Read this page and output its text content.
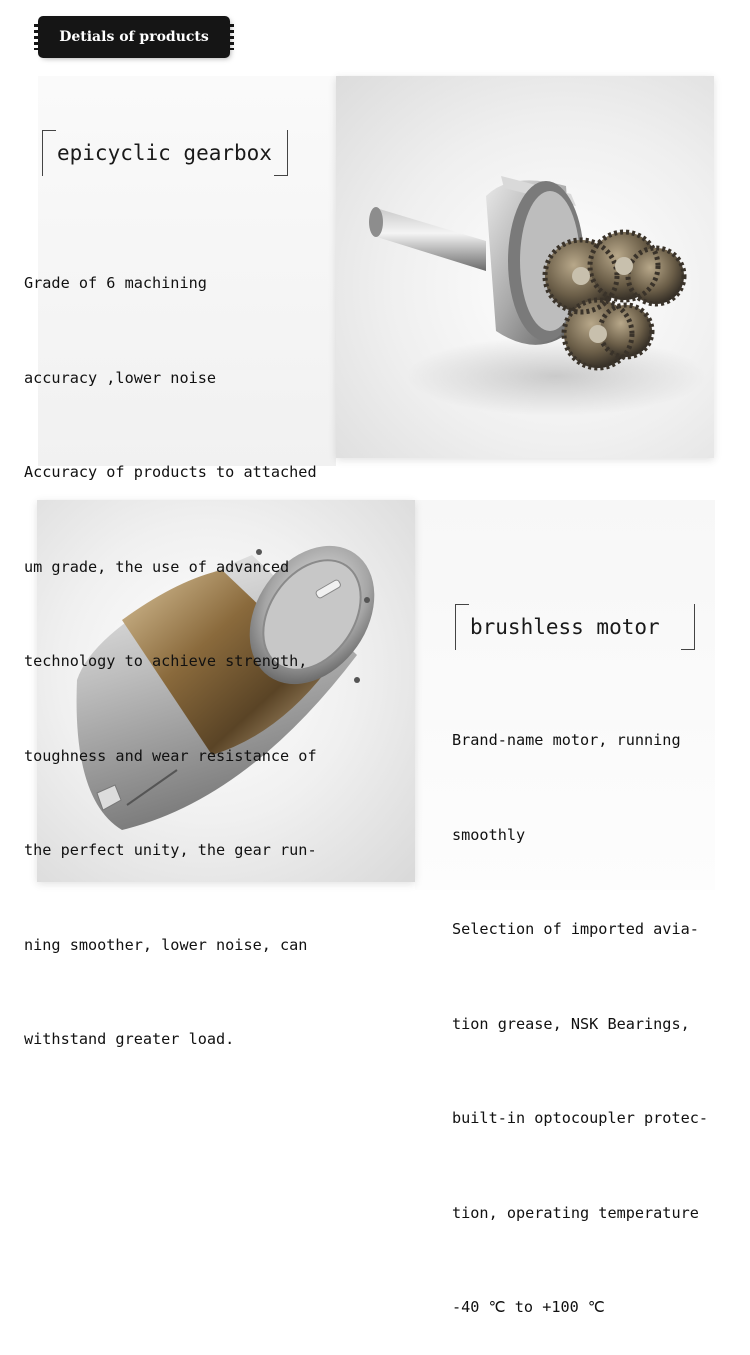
Detials of products
epicyclic gearbox

Grade of 6 machining

accuracy ,lower noise

Accuracy of products to attached

um grade, the use of advanced

technology to achieve strength,

toughness and wear resistance of

the perfect unity, the gear run-

ning smoother, lower noise, can

withstand greater load.

brushless motor

Brand-name motor, running

smoothly

Selection of imported avia-

tion grease, NSK Bearings,

built-in optocoupler protec-

tion, operating temperature

-40 ℃ to +100 ℃
